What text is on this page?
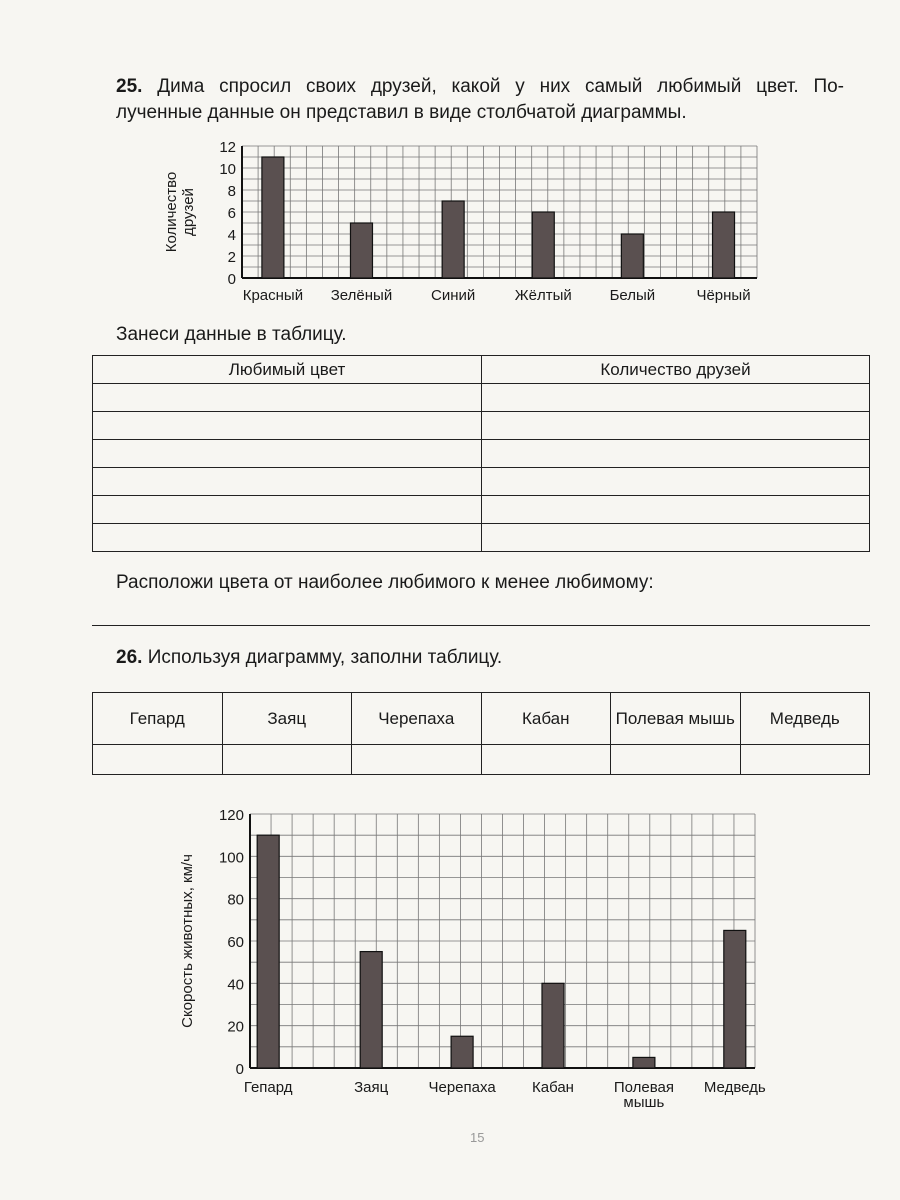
25. Дима спросил своих друзей, какой у них самый любимый цвет. По-
лученные данные он представил в виде столбчатой диаграммы.
0
2
4
6
8
10
12
Красный Зелёный	Синий	Жёлтый	Белый	Чёрный
Количество друзей
Занеси данные в таблицу.
Любимый цвет	Количество друзей

Расположи цвета от наиболее любимого к менее любимому:
26. Используя диаграмму, заполни таблицу.
Гепард	Заяц	Черепаха	Кабан	Полевая мышь	Медведь

0
20
40
60
80
100
120
Гепард	Заяц	Черепаха Кабан	Полевая
мышь
Медведь
Скорость животных, км/ч
15
